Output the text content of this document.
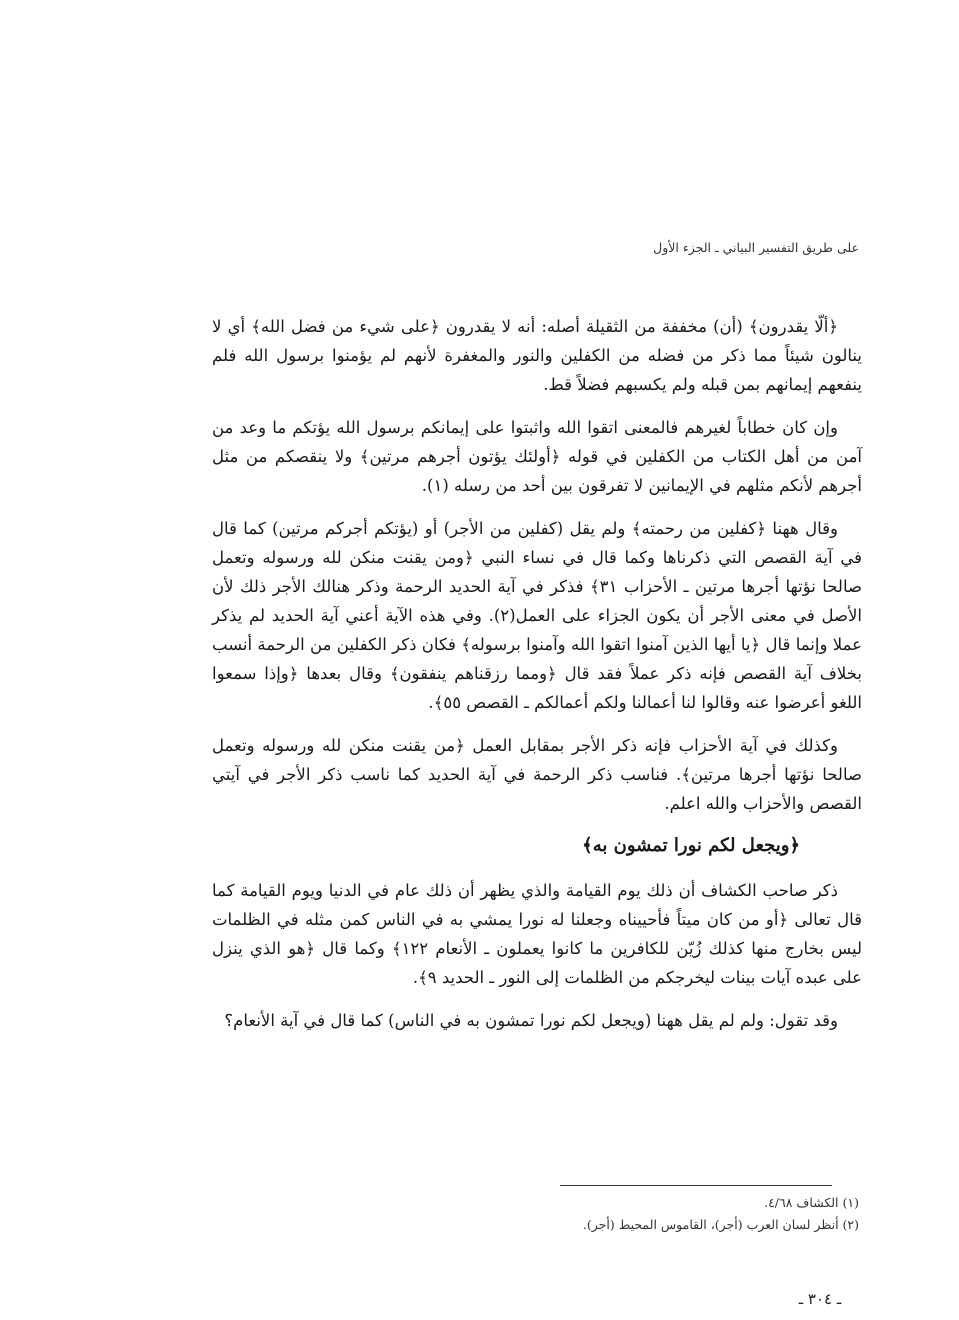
على طريق التفسير البياني ـ الجزء الأول

﴿ألّا يقدرون﴾ (أن) مخففة من الثقيلة أصله: أنه لا يقدرون ﴿على شيء من فضل الله﴾ أي لا ينالون شيئاً مما ذكر من فضله من الكفلين والنور والمغفرة لأنهم لم يؤمنوا برسول الله فلم ينفعهم إيمانهم بمن قبله ولم يكسبهم فضلاً قط.

وإن كان خطاباً لغيرهم فالمعنى اتقوا الله واثبتوا على إيمانكم برسول الله يؤتكم ما وعد من آمن من أهل الكتاب من الكفلين في قوله ﴿أولئك يؤتون أجرهم مرتين﴾ ولا ينقصكم من مثل أجرهم لأنكم مثلهم في الإيمانين لا تفرقون بين أحد من رسله (١).

وقال ههنا ﴿كفلين من رحمته﴾ ولم يقل (كفلين من الأجر) أو (يؤتكم أجركم مرتين) كما قال في آية القصص التي ذكرناها وكما قال في نساء النبي ﴿ومن يقنت منكن لله ورسوله وتعمل صالحا نؤتها أجرها مرتين ـ الأحزاب ٣١﴾ فذكر في آية الحديد الرحمة وذكر هنالك الأجر ذلك لأن الأصل في معنى الأجر أن يكون الجزاء على العمل(٢). وفي هذه الآية أعني آية الحديد لم يذكر عملا وإنما قال ﴿يا أيها الذين آمنوا اتقوا الله وآمنوا برسوله﴾ فكان ذكر الكفلين من الرحمة أنسب بخلاف آية القصص فإنه ذكر عملاً فقد قال ﴿ومما رزقناهم ينفقون﴾ وقال بعدها ﴿وإذا سمعوا اللغو أعرضوا عنه وقالوا لنا أعمالنا ولكم أعمالكم ـ القصص ٥٥﴾.

وكذلك في آية الأحزاب فإنه ذكر الأجر بمقابل العمل ﴿من يقنت منكن لله ورسوله وتعمل صالحا نؤتها أجرها مرتين﴾. فناسب ذكر الرحمة في آية الحديد كما ناسب ذكر الأجر في آيتي القصص والأحزاب والله اعلم.

﴿ويجعل لكم نورا تمشون به﴾

ذكر صاحب الكشاف أن ذلك يوم القيامة والذي يظهر أن ذلك عام في الدنيا ويوم القيامة كما قال تعالى ﴿أو من كان ميتاً فأحييناه وجعلنا له نورا يمشي به في الناس كمن مثله في الظلمات ليس بخارج منها كذلك زُيّن للكافرين ما كانوا يعملون ـ الأنعام ١٢٢﴾ وكما قال ﴿هو الذي ينزل على عبده آيات بينات ليخرجكم من الظلمات إلى النور ـ الحديد ٩﴾.

وقد تقول: ولم لم يقل ههنا (ويجعل لكم نورا تمشون به في الناس) كما قال في آية الأنعام؟

(١) الكشاف ٤/٦٨.
(٢) أنظر لسان العرب (أجر)، القاموس المحيط (أجر).
ـ ٣٠٤ ـ
